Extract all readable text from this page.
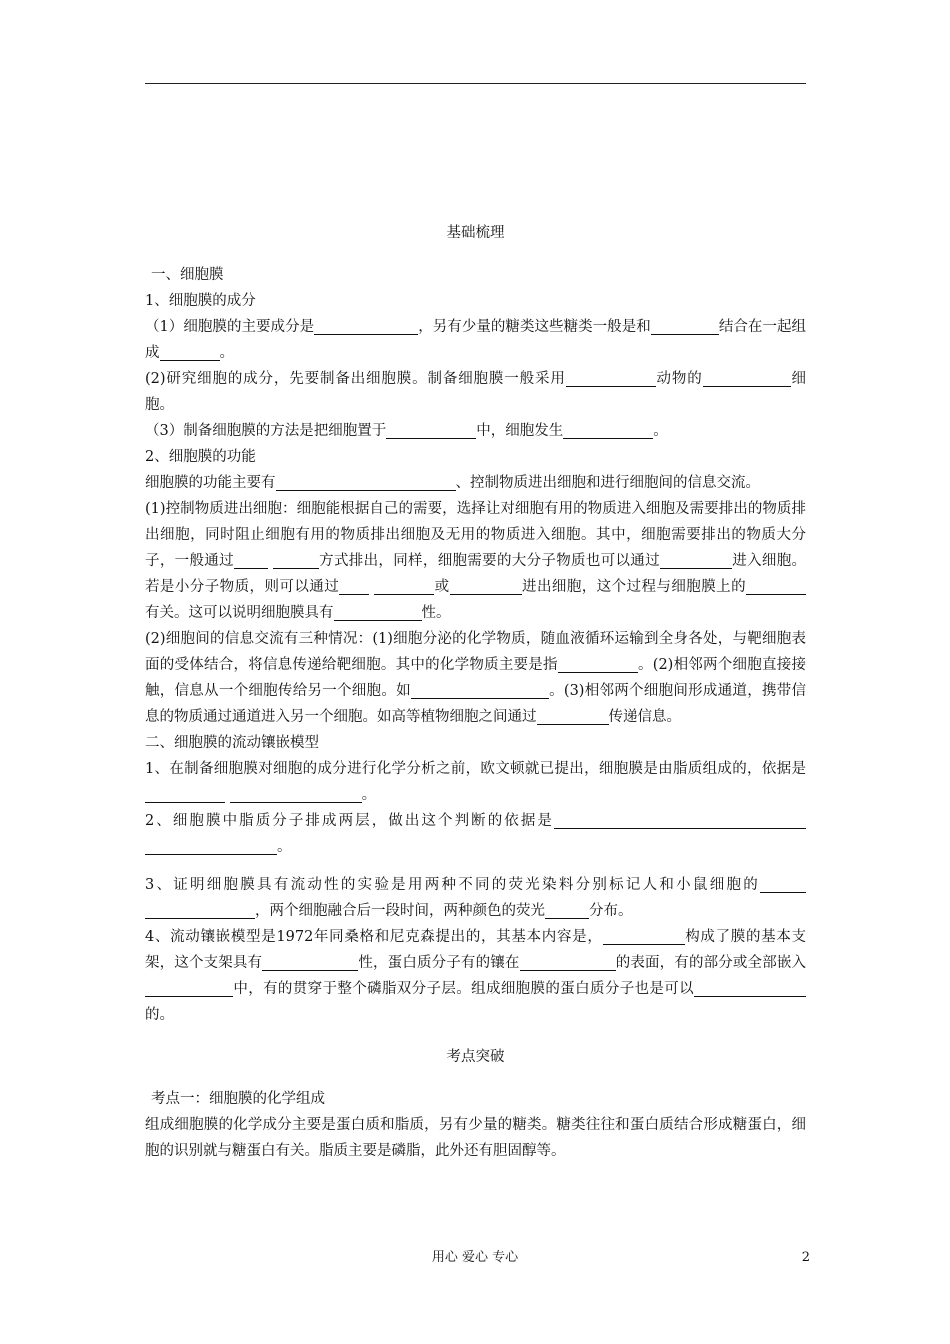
基础梳理

一、细胞膜

1、细胞膜的成分

（1）细胞膜的主要成分是	，另有少量的糖类这些糖类一般是和	结合在一起组成	。

(2)研究细胞的成分，先要制备出细胞膜。制备细胞膜一般采用	动物的	细胞。

（3）制备细胞膜的方法是把细胞置于	中，细胞发生	。

2、细胞膜的功能

细胞膜的功能主要有	、控制物质进出细胞和进行细胞间的信息交流。

(1)控制物质进出细胞：细胞能根据自己的需要，选择让对细胞有用的物质进入细胞及需要排出的物质排出细胞，同时阻止细胞有用的物质排出细胞及无用的物质进入细胞。其中，细胞需要排出的物质大分子，一般通过	方式排出，同样，细胞需要的大分子物质也可以通过	进入细胞。若是小分子物质，则可以通过	或	进出细胞，这个过程与细胞膜上的有关。这可以说明细胞膜具有	性。

(2)细胞间的信息交流有三种情况：(1)细胞分泌的化学物质，随血液循环运输到全身各处，与靶细胞表面的受体结合，将信息传递给靶细胞。其中的化学物质主要是指	。(2)相邻两个细胞直接接触，信息从一个细胞传给另一个细胞。如	。(3)相邻两个细胞间形成通道，携带信息的物质通过通道进入另一个细胞。如高等植物细胞之间通过	传递信息。

二、细胞膜的流动镶嵌模型

1、在制备细胞膜对细胞的成分进行化学分析之前，欧文顿就已提出，细胞膜是由脂质组成的，依据是 。

2、细胞膜中脂质分子排成两层，做出这个判断的依据是。

3、证明细胞膜具有流动性的实验是用两种不同的荧光染料分别标记人和小鼠细胞的，两个细胞融合后一段时间，两种颜色的荧光	分布。

4、流动镶嵌模型是1972年同桑格和尼克森提出的，其基本内容是，	构成了膜的基本支架，这个支架具有	性，蛋白质分子有的镶在	的表面，有的部分或全部嵌入中，有的贯穿于整个磷脂双分子层。组成细胞膜的蛋白质分子也是可以的。

考点突破

考点一：细胞膜的化学组成

组成细胞膜的化学成分主要是蛋白质和脂质，另有少量的糖类。糖类往往和蛋白质结合形成糖蛋白，细胞的识别就与糖蛋白有关。脂质主要是磷脂，此外还有胆固醇等。

用心 爱心 专心	2
